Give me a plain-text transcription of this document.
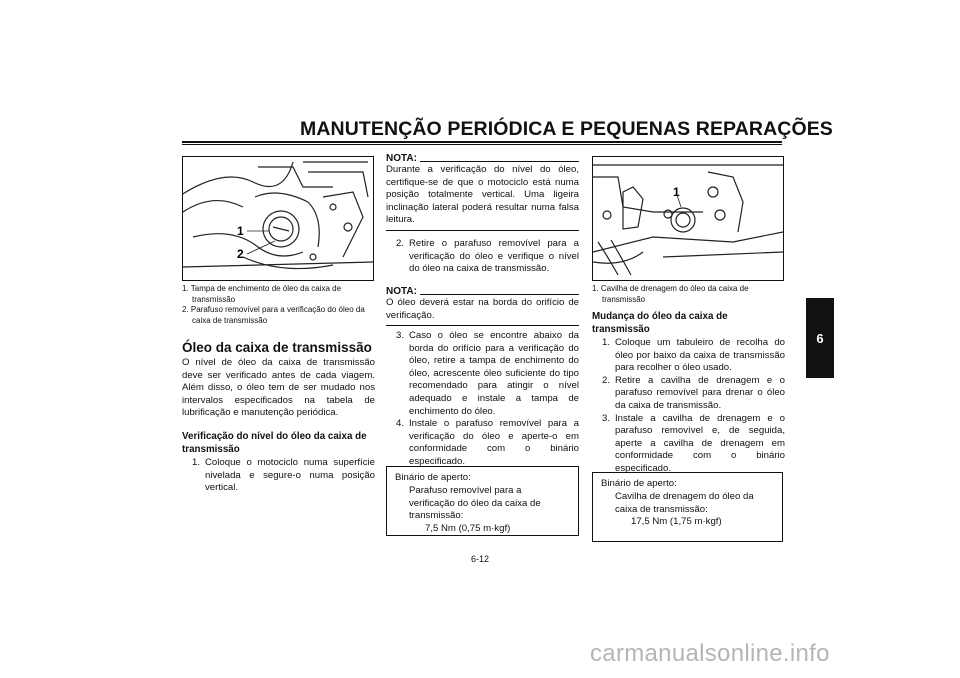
MANUTENÇÃO PERIÓDICA E PEQUENAS REPARAÇÕES
6
1
2
1. Tampa de enchimento de óleo da caixa de transmissão
2. Parafuso removível para a verificação do óleo da caixa de transmissão
Óleo da caixa de transmissão
O nível de óleo da caixa de transmissão deve ser verificado antes de cada viagem. Além disso, o óleo tem de ser mudado nos intervalos especificados na tabela de lubrificação e manutenção periódica.
Verificação do nível do óleo da caixa de transmissão
1. Coloque o motociclo numa superfície nivelada e segure-o numa posição vertical.
NOTA:
Durante a verificação do nível do óleo, certifique-se de que o motociclo está numa posição totalmente vertical. Uma ligeira inclinação lateral poderá resultar numa falsa leitura.
2. Retire o parafuso removível para a verificação do óleo e verifique o nível do óleo na caixa de transmissão.
NOTA:
O óleo deverá estar na borda do orifício de verificação.
3. Caso o óleo se encontre abaixo da borda do orifício para a verificação do óleo, retire a tampa de enchimento do óleo, acrescente óleo suficiente do tipo recomendado para atingir o nível adequado e instale a tampa de enchimento do óleo.
4. Instale o parafuso removível para a verificação do óleo e aperte-o em conformidade com o binário especificado.
Binário de aperto:
Parafuso removível para a verificação do óleo da caixa de transmissão:
7,5 Nm (0,75 m·kgf)
1
1. Cavilha de drenagem do óleo da caixa de transmissão
Mudança do óleo da caixa de transmissão
1. Coloque um tabuleiro de recolha do óleo por baixo da caixa de transmissão para recolher o óleo usado.
2. Retire a cavilha de drenagem e o parafuso removível para drenar o óleo da caixa de transmissão.
3. Instale a cavilha de drenagem e o parafuso removível e, de seguida, aperte a cavilha de drenagem em conformidade com o binário especificado.
Binário de aperto:
Cavilha de drenagem do óleo da caixa de transmissão:
17,5 Nm (1,75 m·kgf)
6-12
carmanualsonline.info
